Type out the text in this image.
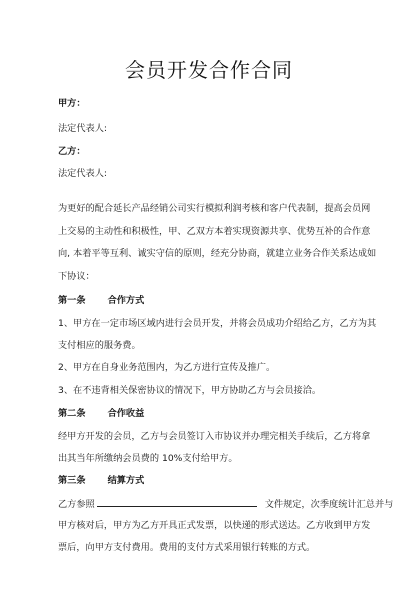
会员开发合作合同
甲方：
法定代表人:
乙方：
法定代表人:
为更好的配合延长产品经销公司实行模拟利润考核和客户代表制，提高会员网
上交易的主动性和积极性，甲、乙双方本着实现资源共享、优势互补的合作意
向, 本着平等互利、诚实守信的原则，经充分协商，就建立业务合作关系达成如
下协议：
第一条 合作方式
1、甲方在一定市场区域内进行会员开发，并将会员成功介绍给乙方，乙方为其
支付相应的服务费。
2、甲方在自身业务范围内，为乙方进行宣传及推广。
3、在不违背相关保密协议的情况下，甲方协助乙方与会员接洽。
第二条 合作收益
经甲方开发的会员，乙方与会员签订入市协议并办理完相关手续后，乙方将拿
出其当年所缴纳会员费的 10%支付给甲方。
第三条 结算方式
乙方参照	文件规定，次季度统计汇总并与
甲方核对后，甲方为乙方开具正式发票，以快递的形式送达。乙方收到甲方发
票后，向甲方支付费用。费用的支付方式采用银行转账的方式。
